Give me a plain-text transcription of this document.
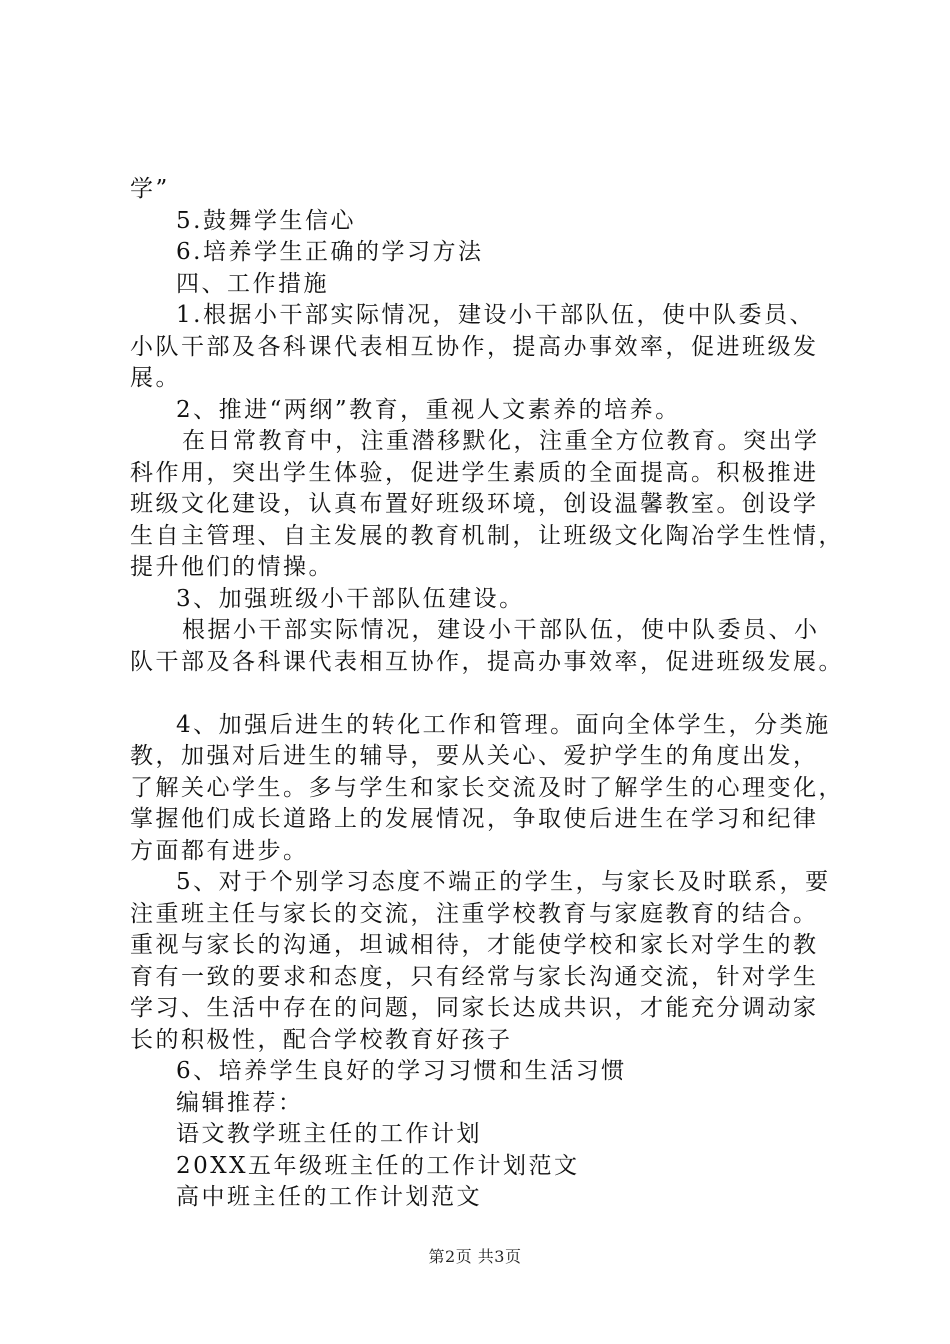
学”
5.鼓舞学生信心
6.培养学生正确的学习方法
四、工作措施
1.根据小干部实际情况，建设小干部队伍，使中队委员、
小队干部及各科课代表相互协作，提高办事效率，促进班级发
展。
2、推进“两纲”教育，重视人文素养的培养。
在日常教育中，注重潜移默化，注重全方位教育。突出学
科作用，突出学生体验，促进学生素质的全面提高。积极推进
班级文化建设，认真布置好班级环境，创设温馨教室。创设学
生自主管理、自主发展的教育机制，让班级文化陶冶学生性情，
提升他们的情操。
3、加强班级小干部队伍建设。
根据小干部实际情况，建设小干部队伍，使中队委员、小
队干部及各科课代表相互协作，提高办事效率，促进班级发展。
4、加强后进生的转化工作和管理。面向全体学生，分类施
教，加强对后进生的辅导，要从关心、爱护学生的角度出发，
了解关心学生。多与学生和家长交流及时了解学生的心理变化，
掌握他们成长道路上的发展情况，争取使后进生在学习和纪律
方面都有进步。
5、对于个别学习态度不端正的学生，与家长及时联系，要
注重班主任与家长的交流，注重学校教育与家庭教育的结合。
重视与家长的沟通，坦诚相待，才能使学校和家长对学生的教
育有一致的要求和态度，只有经常与家长沟通交流，针对学生
学习、生活中存在的问题，同家长达成共识，才能充分调动家
长的积极性，配合学校教育好孩子
6、培养学生良好的学习习惯和生活习惯
编辑推荐：
语文教学班主任的工作计划
20XX五年级班主任的工作计划范文
高中班主任的工作计划范文
第2页 共3页
